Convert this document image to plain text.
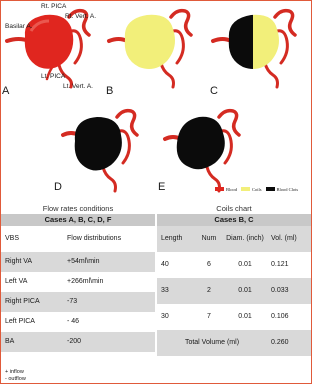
Basilar A.
Rt. PICA
Rt. Vert. A.
Lt. PICA
Lt. Vert. A.
A	B	C
D	E	Blood	Coils	Blood Clots
Flow rates conditions
Cases A, B, C, D, F
VBS	Flow distributions
Right VA	+54ml\min
Left VA	+266ml\min
Right PICA	-73
Left PICA	- 46
BA	-200
Coils chart
Cases B, C
Length	Num	Diam. (inch)	Vol. (ml)
40	6	0.01	0.121
33	2	0.01	0.033
30	7	0.01	0.106
Total Volume (ml)	0.260
+ inflow
- outflow
